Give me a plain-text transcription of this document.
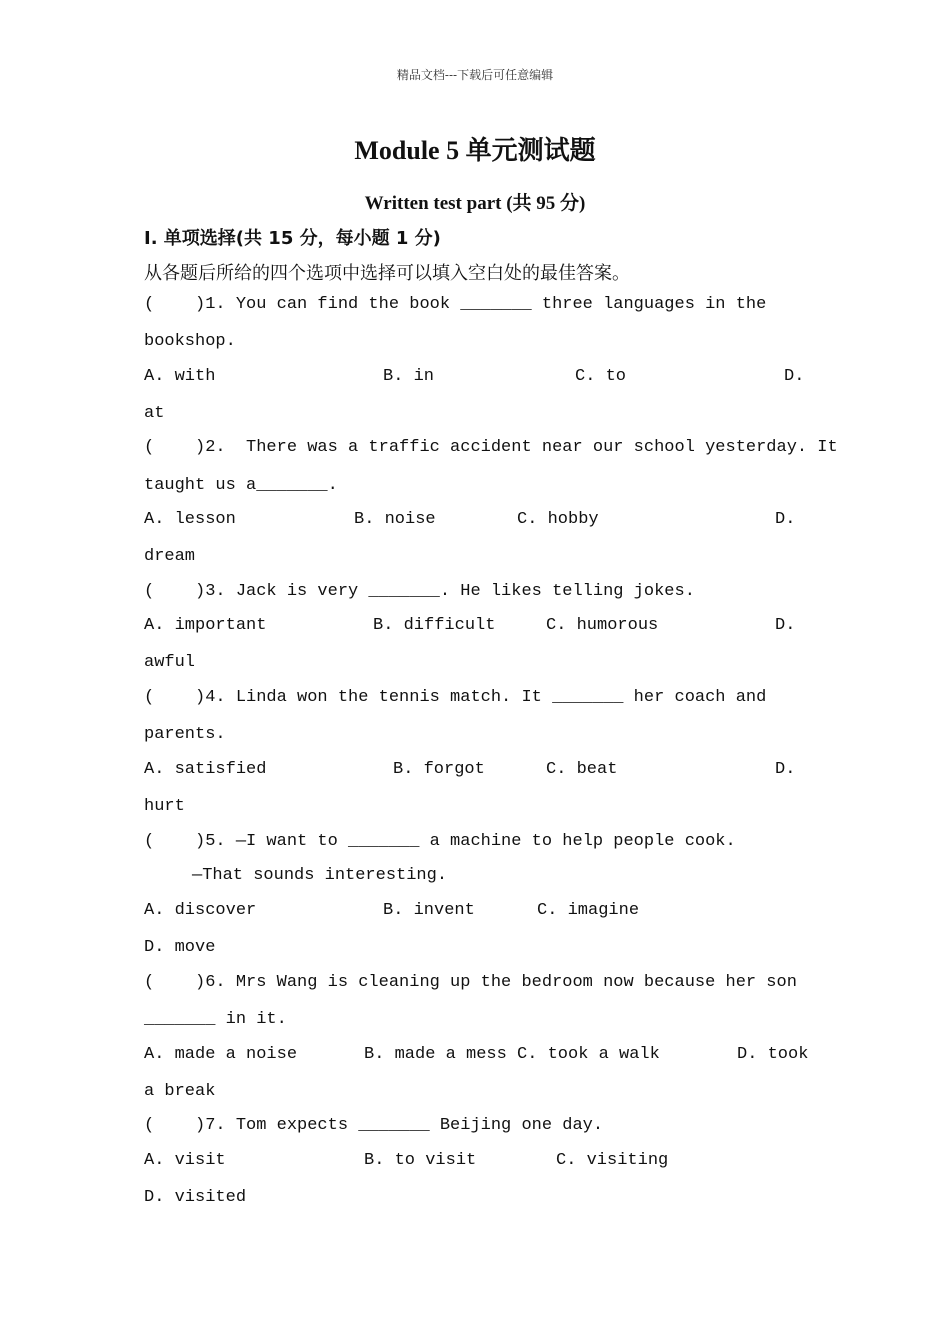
精品文档---下载后可任意编辑
Module 5 单元测试题
Written test part (共 95 分)
Ⅰ. 单项选择(共 15 分，每小题 1 分)
从各题后所给的四个选项中选择可以填入空白处的最佳答案。
(    )1. You can find the book _______ three languages in the
bookshop.
A. with	B. in	C. to	D.
at
(    )2.  There was a traffic accident near our school yesterday. It
taught us a_______.
A. lesson	B. noise	C. hobby	D.
dream
(    )3. Jack is very _______. He likes telling jokes.
A. important	B. difficult	C. humorous	D.
awful
(    )4. Linda won the tennis match. It _______ her coach and
parents.
A. satisfied	B. forgot	C. beat	D.
hurt
(    )5. —I want to _______ a machine to help people cook.
—That sounds interesting.
A. discover	B. invent	C. imagine
D. move
(    )6. Mrs Wang is cleaning up the bedroom now because her son
_______ in it.
A. made a noise	B. made a mess C. took a walk	D. took
a break
(    )7. Tom expects _______ Beijing one day.
A. visit	B. to visit	C. visiting
D. visited
